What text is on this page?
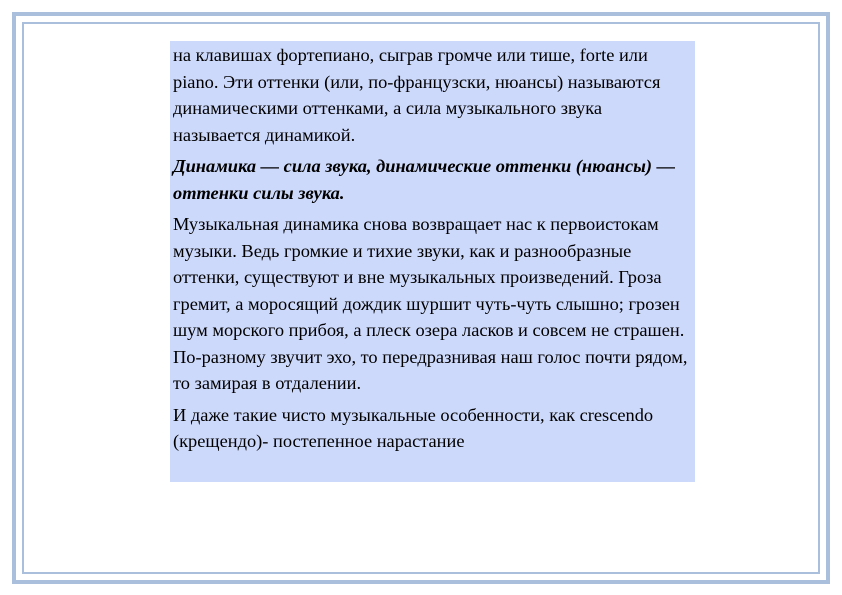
на клавишах фортепиано, сыграв громче или тише, forte или piano. Эти оттенки (или, по-французски, нюансы) называются динамическими оттенками, а сила музыкального звука называется динамикой.

Динамика — сила звука, динамические оттенки (нюансы) — оттенки силы звука.

Музыкальная динамика снова возвращает нас к первоистокам музыки. Ведь громкие и тихие звуки, как и разнообразные оттенки, существуют и вне музыкальных произведений. Гроза гремит, а моросящий дождик шуршит чуть-чуть слышно; грозен шум морского прибоя, а плеск озера ласков и совсем не страшен. По-разному звучит эхо, то передразнивая наш голос почти рядом, то замирая в отдалении.

И даже такие чисто музыкальные особенности, как crescendo (крещендо)- постепенное нарастание
